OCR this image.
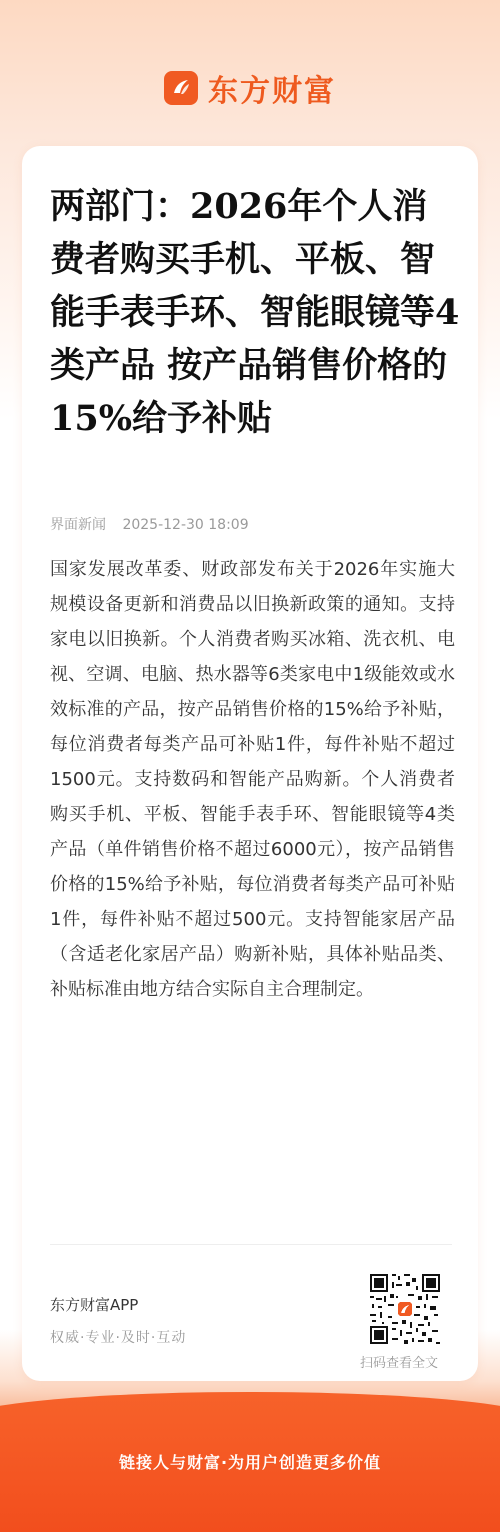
东方财富
两部门：2026年个人消费者购买手机、平板、智能手表手环、智能眼镜等4类产品 按产品销售价格的15%给予补贴
界面新闻 2025-12-30 18:09

国家发展改革委、财政部发布关于2026年实施大规模设备更新和消费品以旧换新政策的通知。支持家电以旧换新。个人消费者购买冰箱、洗衣机、电视、空调、电脑、热水器等6类家电中1级能效或水效标准的产品，按产品销售价格的15%给予补贴，每位消费者每类产品可补贴1件，每件补贴不超过1500元。支持数码和智能产品购新。个人消费者购买手机、平板、智能手表手环、智能眼镜等4类产品（单件销售价格不超过6000元），按产品销售价格的15%给予补贴，每位消费者每类产品可补贴1件，每件补贴不超过500元。支持智能家居产品（含适老化家居产品）购新补贴，具体补贴品类、补贴标准由地方结合实际自主合理制定。

东方财富APP
权威·专业·及时·互动
扫码查看全文
链接人与财富·为用户创造更多价值
